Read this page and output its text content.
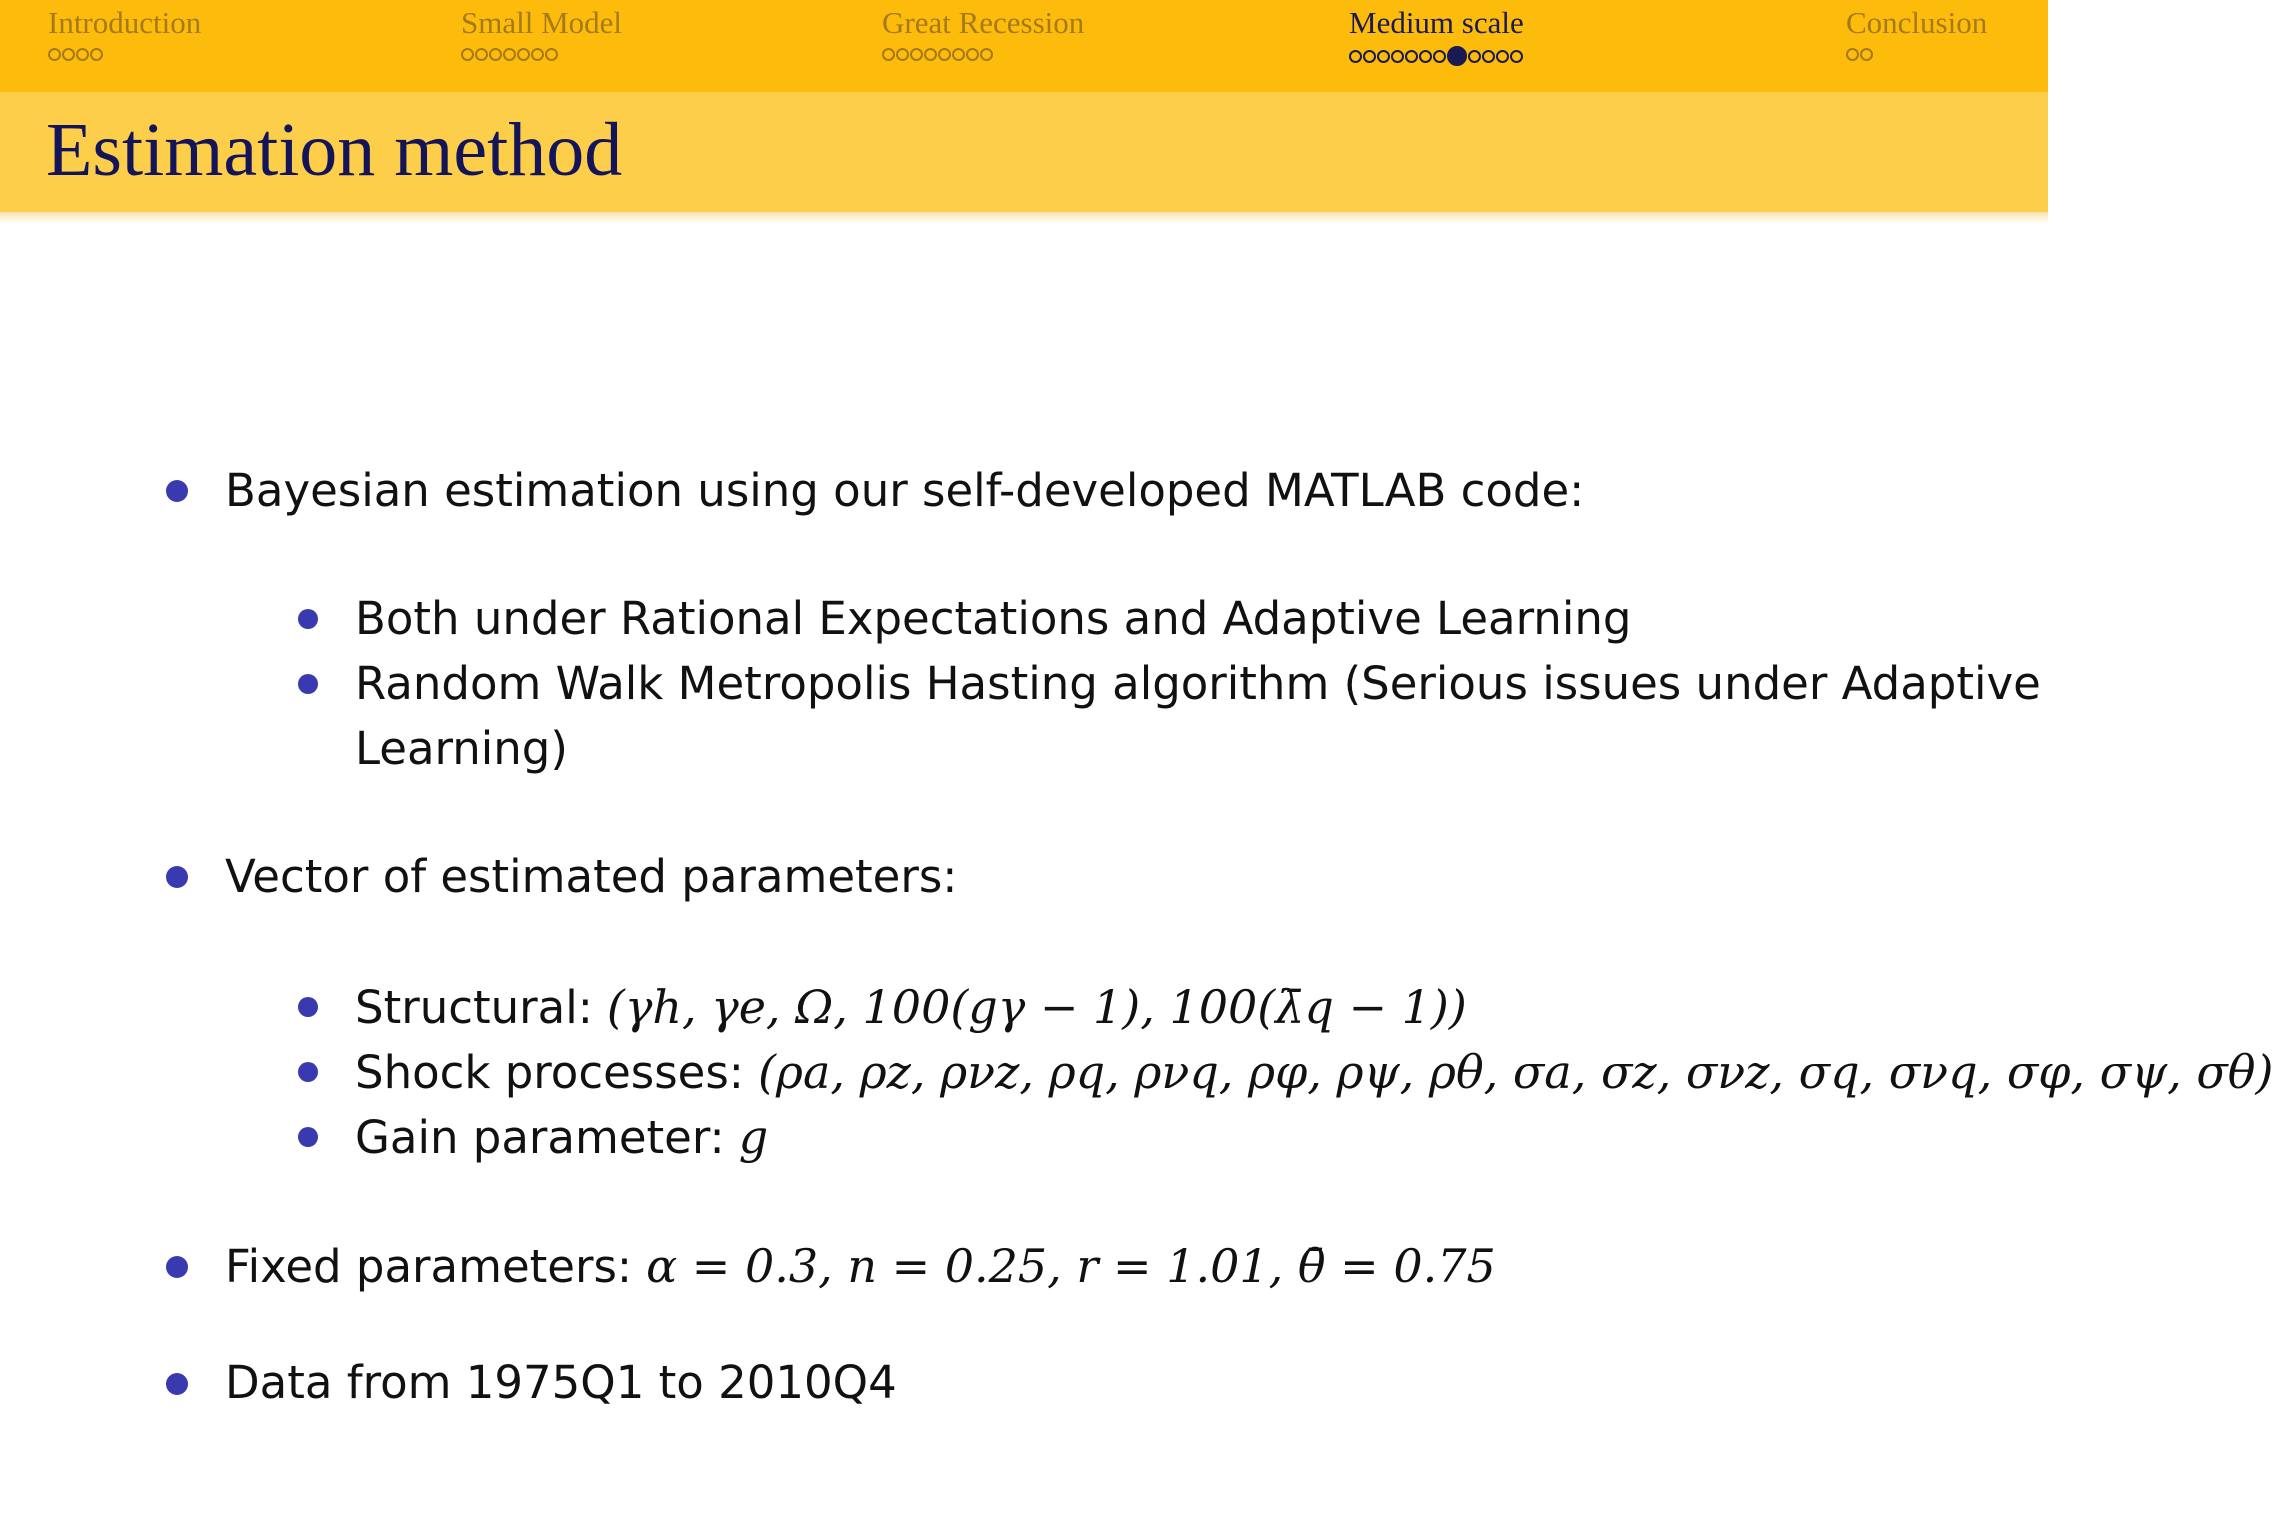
Introduction	Small Model	Great Recession	Medium scale	Conclusion
Estimation method
Bayesian estimation using our self-developed MATLAB code:
Both under Rational Expectations and Adaptive Learning
Random Walk Metropolis Hasting algorithm (Serious issues under Adaptive
Learning)
Vector of estimated parameters:
Structural: (γh, γe, Ω, 100(gγ − 1), 100(λ̄q − 1))
Shock processes: (ρa, ρz, ρνz, ρq, ρνq, ρφ, ρψ, ρθ, σa, σz, σνz, σq, σνq, σφ, σψ, σθ)
Gain parameter: g
Fixed parameters: α = 0.3, n = 0.25, r = 1.01, θ̄ = 0.75
Data from 1975Q1 to 2010Q4
